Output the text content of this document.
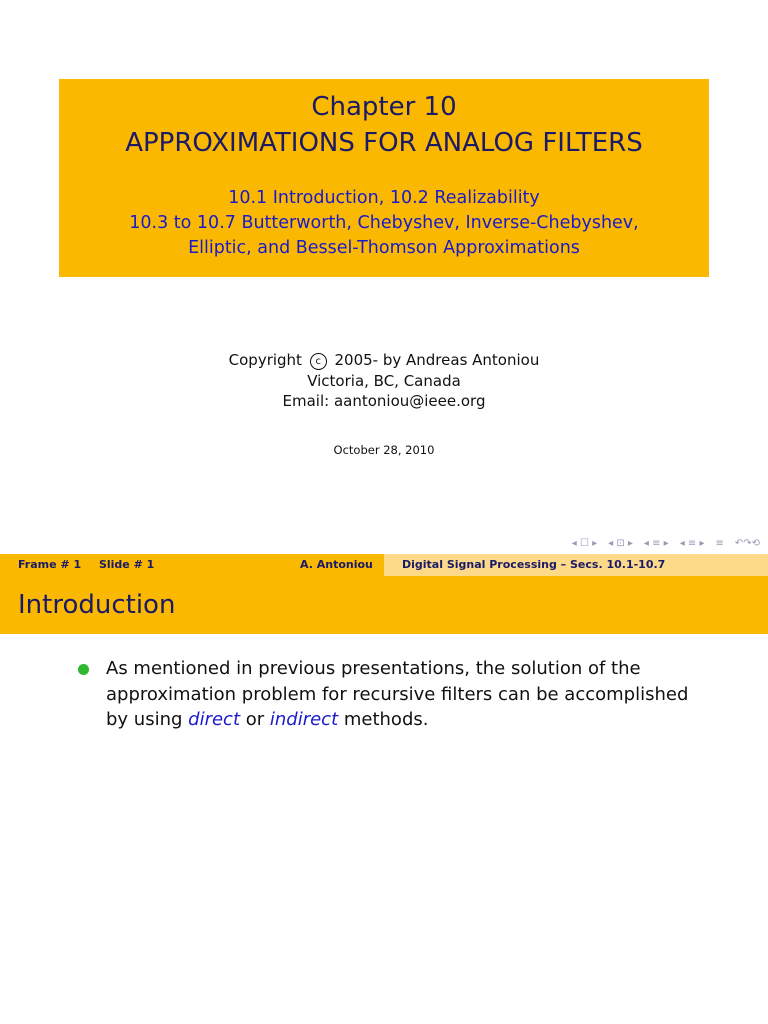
Chapter 10
APPROXIMATIONS FOR ANALOG FILTERS
10.1 Introduction, 10.2 Realizability
10.3 to 10.7 Butterworth, Chebyshev, Inverse-Chebyshev,
Elliptic, and Bessel-Thomson Approximations
Copyright c 2005- by Andreas Antoniou
Victoria, BC, Canada
Email: aantoniou@ieee.org
October 28, 2010
◂ ☐ ▸ ◂ ⊡ ▸ ◂ ≡ ▸ ◂ ≡ ▸ ≡ ↶↷⟲
Frame # 1 Slide # 1	A. Antoniou	Digital Signal Processing – Secs. 10.1-10.7
Introduction
As mentioned in previous presentations, the solution of the approximation problem for recursive filters can be accomplished by using direct or indirect methods.
